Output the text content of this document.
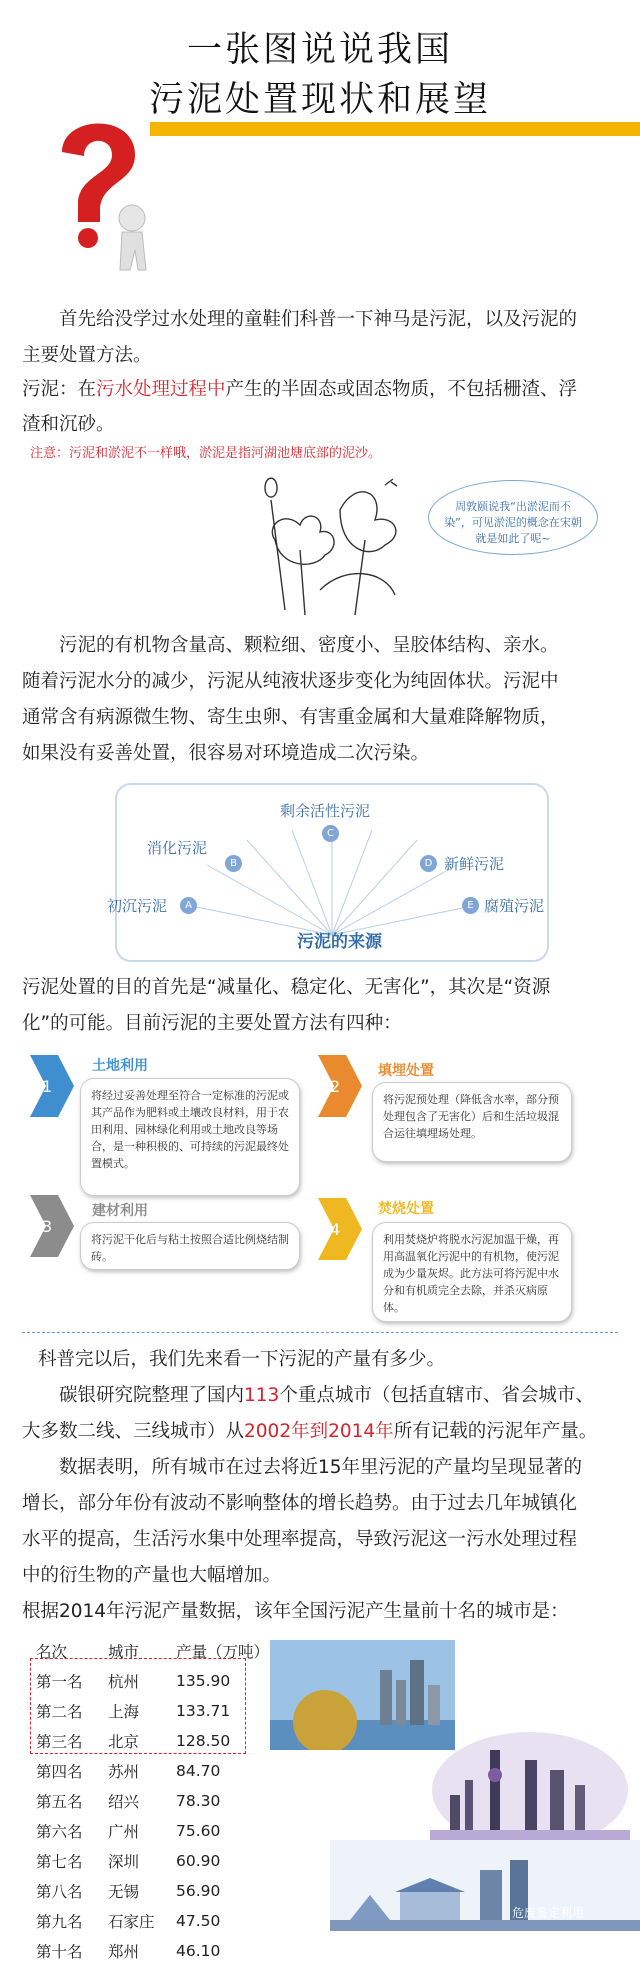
一张图说说我国
污泥处置现状和展望
首先给没学过水处理的童鞋们科普一下神马是污泥，以及污泥的
主要处置方法。
污泥：在污水处理过程中产生的半固态或固态物质，不包括栅渣、浮
渣和沉砂。
注意：污泥和淤泥不一样哦，淤泥是指河湖池塘底部的泥沙。
周敦颐说我“出淤泥而不染”，可见淤泥的概念在宋朝就是如此了呢~
污泥的有机物含量高、颗粒细、密度小、呈胶体结构、亲水。
随着污泥水分的减少，污泥从纯液状逐步变化为纯固体状。污泥中
通常含有病源微生物、寄生虫卵、有害重金属和大量难降解物质，
如果没有妥善处置，很容易对环境造成二次污染。
A
初沉污泥
B
消化污泥
C
剩余活性污泥
D 新鲜污泥
E 腐殖污泥
污泥的来源
污泥处置的目的首先是“减量化、稳定化、无害化”，其次是“资源
化”的可能。目前污泥的主要处置方法有四种：
1
土地利用
将经过妥善处理至符合一定标准的污泥或其产品作为肥料或土壤改良材料，用于农田利用、园林绿化利用或土地改良等场合，是一种积极的、可持续的污泥最终处置模式。
2
填埋处置
将污泥预处理（降低含水率，部分预处理包含了无害化）后和生活垃圾混合运往填埋场处理。
3
建材利用
将污泥干化后与粘土按照合适比例烧结制砖。
4
焚烧处置
利用焚烧炉将脱水污泥加温干燥，再用高温氧化污泥中的有机物，使污泥成为少量灰烬。此方法可将污泥中水分和有机质完全去除，并杀灭病原体。
科普完以后，我们先来看一下污泥的产量有多少。
碳银研究院整理了国内113个重点城市（包括直辖市、省会城市、
大多数二线、三线城市）从2002年到2014年所有记载的污泥年产量。
数据表明，所有城市在过去将近15年里污泥的产量均呈现显著的
增长，部分年份有波动不影响整体的增长趋势。由于过去几年城镇化
水平的提高，生活污水集中处理率提高，导致污泥这一污水处理过程
中的衍生物的产量也大幅增加。
根据2014年污泥产量数据，该年全国污泥产生量前十名的城市是：
名次	城市	产量（万吨）
第一名	杭州	135.90
第二名	上海	133.71
第三名	北京	128.50
第四名	苏州	84.70
第五名	绍兴	78.30
第六名	广州	75.60
第七名	深圳	60.90
第八名	无锡	56.90
第九名	石家庄	47.50
第十名	郑州	46.10
危废鉴定利用
